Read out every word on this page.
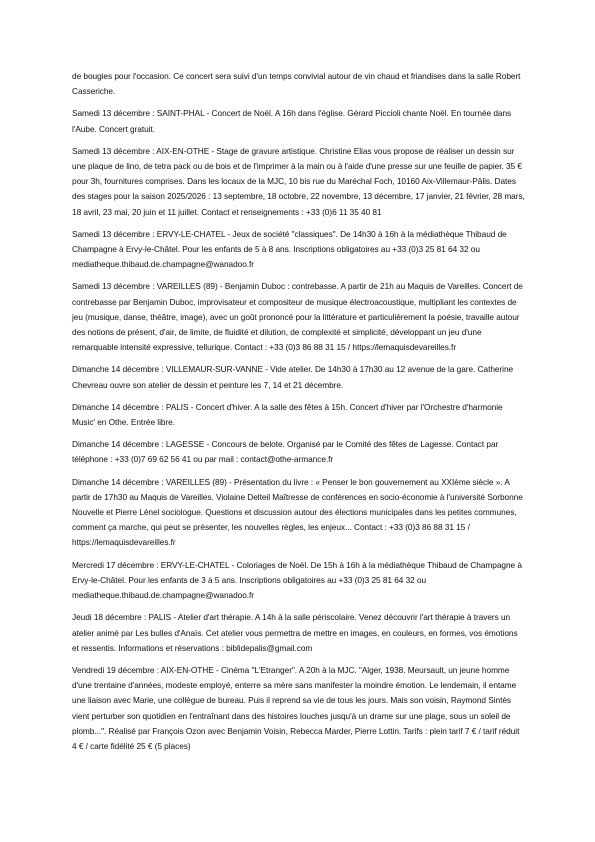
de bougies pour l'occasion. Ce concert sera suivi d'un temps convivial autour de vin chaud et friandises dans la salle Robert Casseriche.

Samedi 13 décembre : SAINT-PHAL - Concert de Noël. A 16h dans l'église. Gérard Piccioli chante Noël. En tournée dans l'Aube. Concert gratuit.

Samedi 13 décembre : AIX-EN-OTHE - Stage de gravure artistique. Christine Elias vous propose de réaliser un dessin sur une plaque de lino, de tetra pack ou de bois et de l'imprimer à la main ou à l'aide d'une presse sur une feuille de papier. 35 € pour 3h, fournitures comprises. Dans les locaux de la MJC, 10 bis rue du Maréchal Foch, 10160 Aix-Villemaur-Pâlis. Dates des stages pour la saison 2025/2026 : 13 septembre, 18 octobre, 22 novembre, 13 décembre, 17 janvier, 21 février, 28 mars, 18 avril, 23 mai, 20 juin et 11 juillet. Contact et renseignements : +33 (0)6 11 35 40 81

Samedi 13 décembre : ERVY-LE-CHATEL - Jeux de société "classiques". De 14h30 à 16h à la médiathèque Thibaud de Champagne à Ervy-le-Châtel. Pour les enfants de 5 à 8 ans. Inscriptions obligatoires au +33 (0)3 25 81 64 32 ou mediatheque.thibaud.de.champagne@wanadoo.fr

Samedi 13 décembre : VAREILLES (89) - Benjamin Duboc : contrebasse. A partir de 21h au Maquis de Vareilles. Concert de contrebasse par Benjamin Duboc, improvisateur et compositeur de musique électroacoustique, multipliant les contextes de jeu (musique, danse, théâtre, image), avec un goût prononcé pour la littérature et particulièrement la poésie, travaille autour des notions de présent, d'air, de limite, de fluidité et dilution, de complexité et simplicité, développant un jeu d'une remarquable intensité expressive, tellurique. Contact : +33 (0)3 86 88 31 15 / https://lemaquisdevareilles.fr

Dimanche 14 décembre : VILLEMAUR-SUR-VANNE - Vide atelier. De 14h30 à 17h30 au 12 avenue de la gare. Catherine Chevreau ouvre son atelier de dessin et peinture les 7, 14 et 21 décembre.

Dimanche 14 décembre : PALIS - Concert d'hiver. A la salle des fêtes à 15h. Concert d'hiver par l'Orchestre d'harmonie Music' en Othe. Entrée libre.

Dimanche 14 décembre : LAGESSE - Concours de belote. Organisé par le Comité des fêtes de Lagesse. Contact par téléphone : +33 (0)7 69 62 56 41 ou par mail : contact@othe-armance.fr

Dimanche 14 décembre : VAREILLES (89) - Présentation du livre : « Penser le bon gouvernement au XXIème siècle ». A partir de 17h30 au Maquis de Vareilles. Violaine Delteil Maîtresse de conférences en socio-économie à l'université Sorbonne Nouvelle et Pierre Lénel sociologue. Questions et discussion autour des élections municipales dans les petites communes, comment ça marche, qui peut se présenter, les nouvelles règles, les enjeux... Contact : +33 (0)3 86 88 31 15 / https://lemaquisdevareilles.fr

Mercredi 17 décembre : ERVY-LE-CHATEL - Coloriages de Noël. De 15h à 16h à la médiathèque Thibaud de Champagne à Ervy-le-Châtel. Pour les enfants de 3 à 5 ans. Inscriptions obligatoires au +33 (0)3 25 81 64 32 ou mediatheque.thibaud.de.champagne@wanadoo.fr

Jeudi 18 décembre : PALIS - Atelier d'art thérapie. A 14h à la salle périscolaire. Venez découvrir l'art thérapie à travers un atelier animé par Les bulles d'Anaïs. Cet atelier vous permettra de mettre en images, en couleurs, en formes, vos émotions et ressentis. Informations et réservations : biblidepalis@gmail.com

Vendredi 19 décembre : AIX-EN-OTHE - Cinéma "L'Etranger". A 20h à la MJC. "Alger, 1938. Meursault, un jeune homme d'une trentaine d'années, modeste employé, enterre sa mère sans manifester la moindre émotion. Le lendemain, il entame une liaison avec Marie, une collègue de bureau. Puis il reprend sa vie de tous les jours. Mais son voisin, Raymond Sintès vient perturber son quotidien en l'entraînant dans des histoires louches jusqu'à un drame sur une plage, sous un soleil de plomb...". Réalisé par François Ozon avec Benjamin Voisin, Rebecca Marder, Pierre Lottin. Tarifs : plein tarif 7 € / tarif réduit 4 € / carte fidélité 25 € (5 places)
